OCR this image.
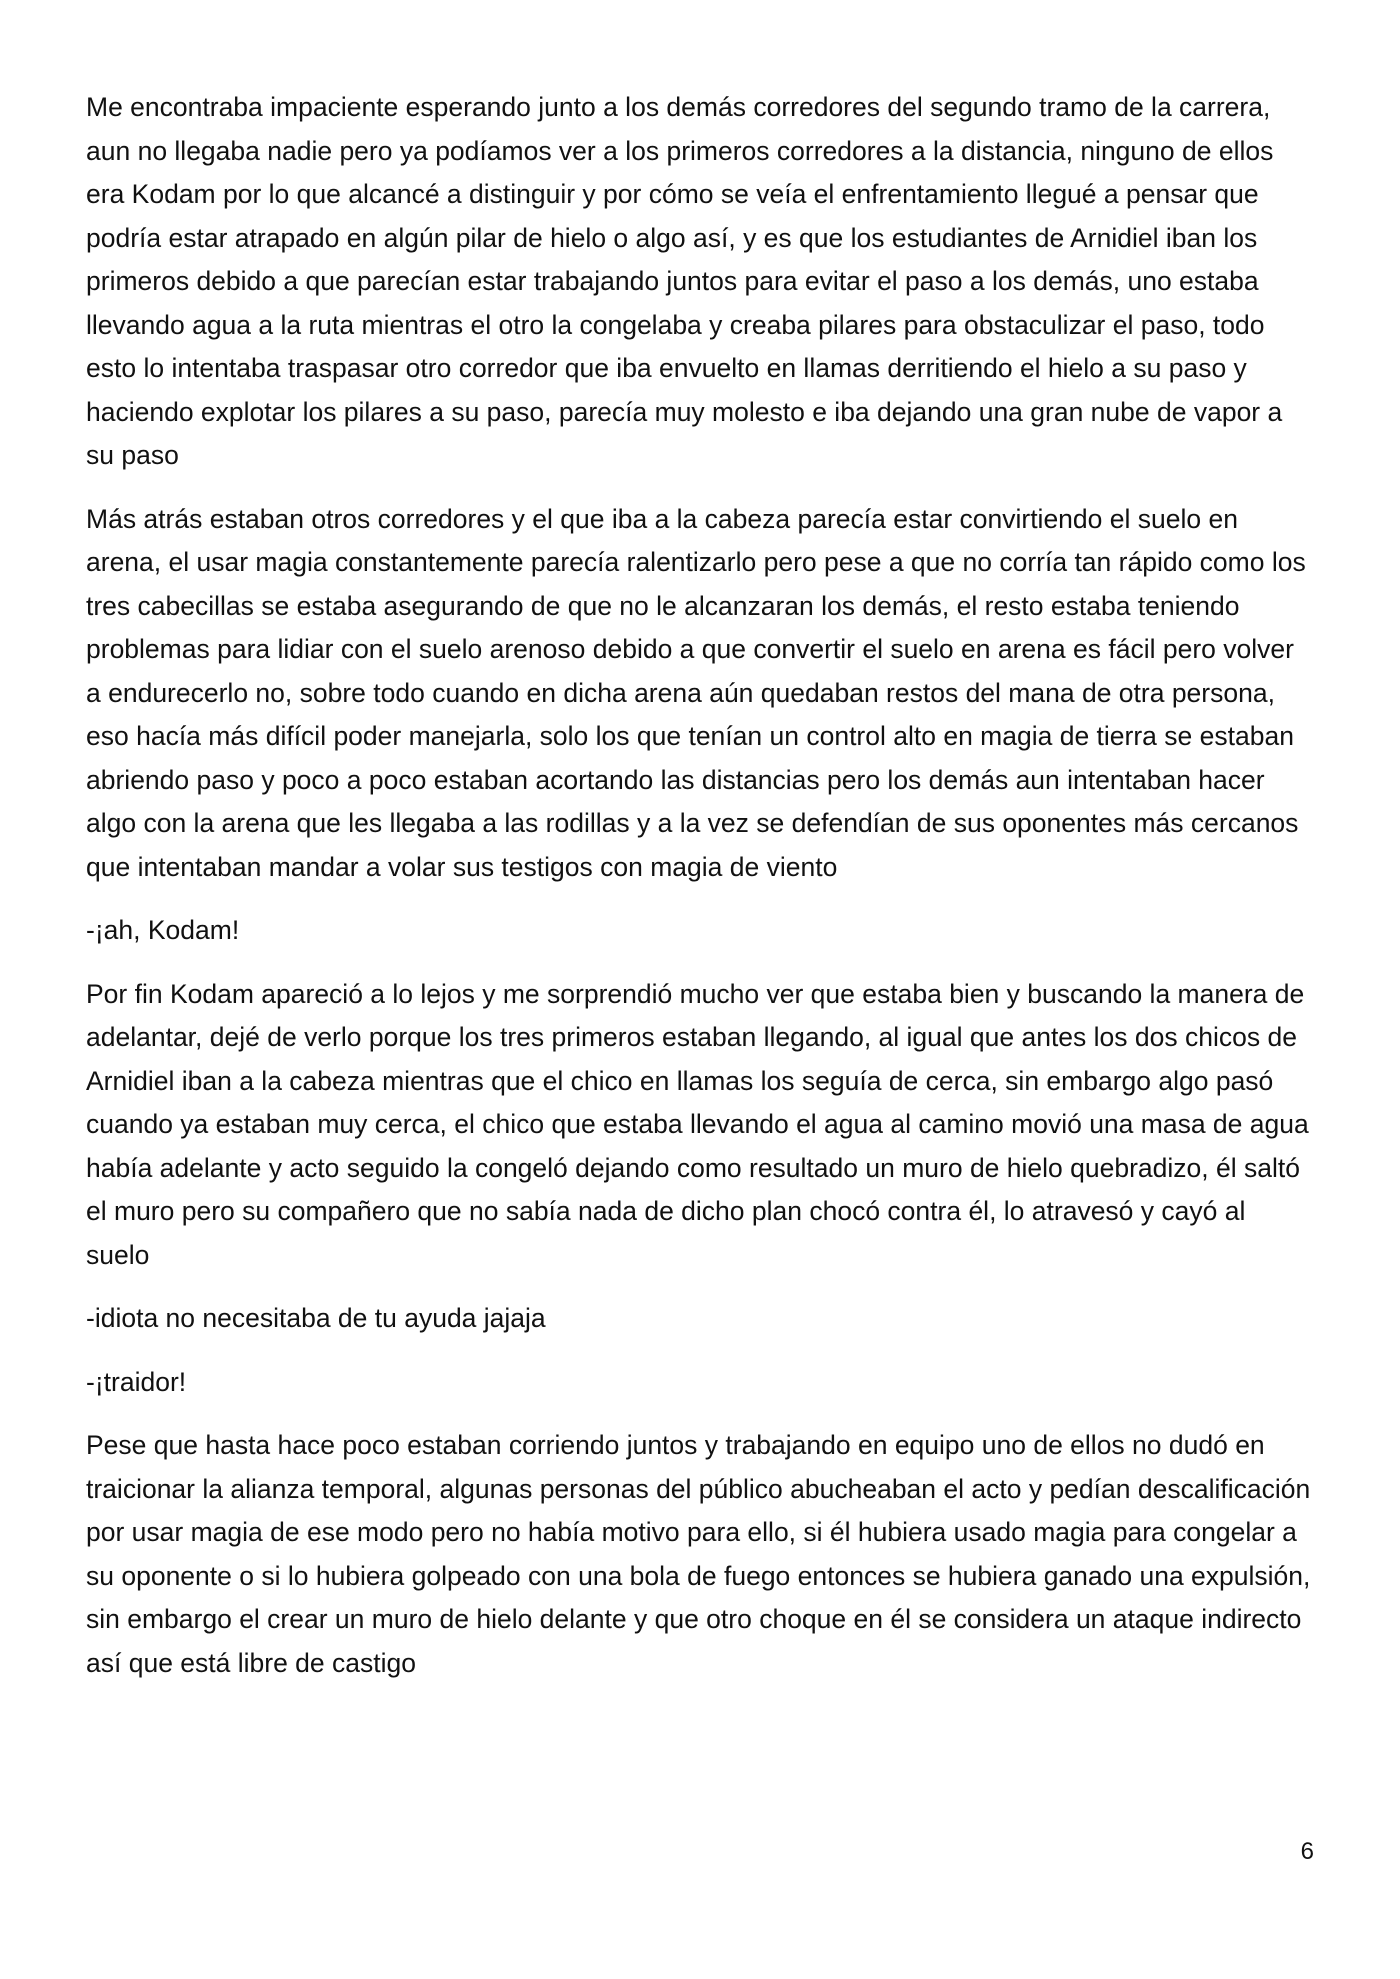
Me encontraba impaciente esperando junto a los demás corredores del segundo tramo de la carrera, aun no llegaba nadie pero ya podíamos ver a los primeros corredores a la distancia, ninguno de ellos era Kodam por lo que alcancé a distinguir y por cómo se veía el enfrentamiento llegué a pensar que podría estar atrapado en algún pilar de hielo o algo así, y es que los estudiantes de Arnidiel iban los primeros debido a que parecían estar trabajando juntos para evitar el paso a los demás, uno estaba llevando agua a la ruta mientras el otro la congelaba y creaba pilares para obstaculizar el paso, todo esto lo intentaba traspasar otro corredor que iba envuelto en llamas derritiendo el hielo a su paso y haciendo explotar los pilares a su paso, parecía muy molesto e iba dejando una gran nube de vapor a su paso

Más atrás estaban otros corredores y el que iba a la cabeza parecía estar convirtiendo el suelo en arena, el usar magia constantemente parecía ralentizarlo pero pese a que no corría tan rápido como los tres cabecillas se estaba asegurando de que no le alcanzaran los demás, el resto estaba teniendo problemas para lidiar con el suelo arenoso debido a que convertir el suelo en arena es fácil pero volver a endurecerlo no, sobre todo cuando en dicha arena aún quedaban restos del mana de otra persona, eso hacía más difícil poder manejarla, solo los que tenían un control alto en magia de tierra se estaban abriendo paso y poco a poco estaban acortando las distancias pero los demás aun intentaban hacer algo con la arena que les llegaba a las rodillas y a la vez se defendían de sus oponentes más cercanos que intentaban mandar a volar sus testigos con magia de viento

-¡ah, Kodam!

Por fin Kodam apareció a lo lejos y me sorprendió mucho ver que estaba bien y buscando la manera de adelantar, dejé de verlo porque los tres primeros estaban llegando, al igual que antes los dos chicos de Arnidiel iban a la cabeza mientras que el chico en llamas los seguía de cerca, sin embargo algo pasó cuando ya estaban muy cerca, el chico que estaba llevando el agua al camino movió una masa de agua había adelante y acto seguido la congeló dejando como resultado un muro de hielo quebradizo, él saltó el muro pero su compañero que no sabía nada de dicho plan chocó contra él, lo atravesó y cayó al suelo

-idiota no necesitaba de tu ayuda jajaja

-¡traidor!

Pese que hasta hace poco estaban corriendo juntos y trabajando en equipo uno de ellos no dudó en traicionar la alianza temporal, algunas personas del público abucheaban el acto y pedían descalificación por usar magia de ese modo pero no había motivo para ello, si él hubiera usado magia para congelar a su oponente o si lo hubiera golpeado con una bola de fuego entonces se hubiera ganado una expulsión, sin embargo el crear un muro de hielo delante y que otro choque en él se considera un ataque indirecto así que está libre de castigo

6
